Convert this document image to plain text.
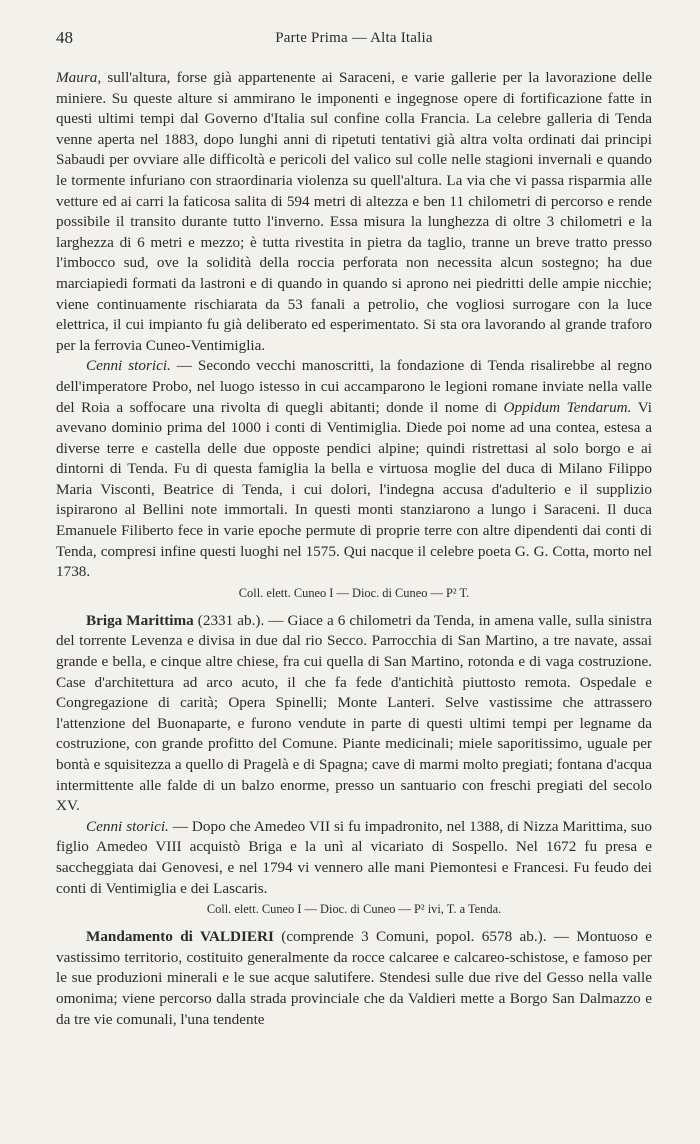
48	Parte Prima — Alta Italia

Maura, sull'altura, forse già appartenente ai Saraceni, e varie gallerie per la lavorazione delle miniere. Su queste alture si ammirano le imponenti e ingegnose opere di fortificazione fatte in questi ultimi tempi dal Governo d'Italia sul confine colla Francia. La celebre galleria di Tenda venne aperta nel 1883, dopo lunghi anni di ripetuti tentativi già altra volta ordinati dai principi Sabaudi per ovviare alle difficoltà e pericoli del valico sul colle nelle stagioni invernali e quando le tormente infuriano con straordinaria violenza su quell'altura. La via che vi passa risparmia alle vetture ed ai carri la faticosa salita di 594 metri di altezza e ben 11 chilometri di percorso e rende possibile il transito durante tutto l'inverno. Essa misura la lunghezza di oltre 3 chilometri e la larghezza di 6 metri e mezzo; è tutta rivestita in pietra da taglio, tranne un breve tratto presso l'imbocco sud, ove la solidità della roccia perforata non necessita alcun sostegno; ha due marciapiedi formati da lastroni e di quando in quando si aprono nei piedritti delle ampie nicchie; viene continuamente rischiarata da 53 fanali a petrolio, che vogliosi surrogare con la luce elettrica, il cui impianto fu già deliberato ed esperimentato. Si sta ora lavorando al grande traforo per la ferrovia Cuneo-Ventimiglia.

Cenni storici. — Secondo vecchi manoscritti, la fondazione di Tenda risalirebbe al regno dell'imperatore Probo, nel luogo istesso in cui accamparono le legioni romane inviate nella valle del Roia a soffocare una rivolta di quegli abitanti; donde il nome di Oppidum Tendarum. Vi avevano dominio prima del 1000 i conti di Ventimiglia. Diede poi nome ad una contea, estesa a diverse terre e castella delle due opposte pendici alpine; quindi ristrettasi al solo borgo e ai dintorni di Tenda. Fu di questa famiglia la bella e virtuosa moglie del duca di Milano Filippo Maria Visconti, Beatrice di Tenda, i cui dolori, l'indegna accusa d'adulterio e il supplizio ispirarono al Bellini note immortali. In questi monti stanziarono a lungo i Saraceni. Il duca Emanuele Filiberto fece in varie epoche permute di proprie terre con altre dipendenti dai conti di Tenda, compresi infine questi luoghi nel 1575. Qui nacque il celebre poeta G. G. Cotta, morto nel 1738.

Coll. elett. Cuneo I — Dioc. di Cuneo — P² T.

Briga Marittima (2331 ab.). — Giace a 6 chilometri da Tenda, in amena valle, sulla sinistra del torrente Levenza e divisa in due dal rio Secco. Parrocchia di San Martino, a tre navate, assai grande e bella, e cinque altre chiese, fra cui quella di San Martino, rotonda e di vaga costruzione. Case d'architettura ad arco acuto, il che fa fede d'antichità piuttosto remota. Ospedale e Congregazione di carità; Opera Spinelli; Monte Lanteri. Selve vastissime che attrassero l'attenzione del Buonaparte, e furono vendute in parte di questi ultimi tempi per legname da costruzione, con grande profitto del Comune. Piante medicinali; miele saporitissimo, uguale per bontà e squisitezza a quello di Pragelà e di Spagna; cave di marmi molto pregiati; fontana d'acqua intermittente alle falde di un balzo enorme, presso un santuario con freschi pregiati del secolo XV.

Cenni storici. — Dopo che Amedeo VII si fu impadronito, nel 1388, di Nizza Marittima, suo figlio Amedeo VIII acquistò Briga e la unì al vicariato di Sospello. Nel 1672 fu presa e saccheggiata dai Genovesi, e nel 1794 vi vennero alle mani Piemontesi e Francesi. Fu feudo dei conti di Ventimiglia e dei Lascaris.

Coll. elett. Cuneo I — Dioc. di Cuneo — P² ivi, T. a Tenda.

Mandamento di VALDIERI (comprende 3 Comuni, popol. 6578 ab.). — Montuoso e vastissimo territorio, costituito generalmente da rocce calcaree e calcareo-schistose, e famoso per le sue produzioni minerali e le sue acque salutifere. Stendesi sulle due rive del Gesso nella valle omonima; viene percorso dalla strada provinciale che da Valdieri mette a Borgo San Dalmazzo e da tre vie comunali, l'una tendente
